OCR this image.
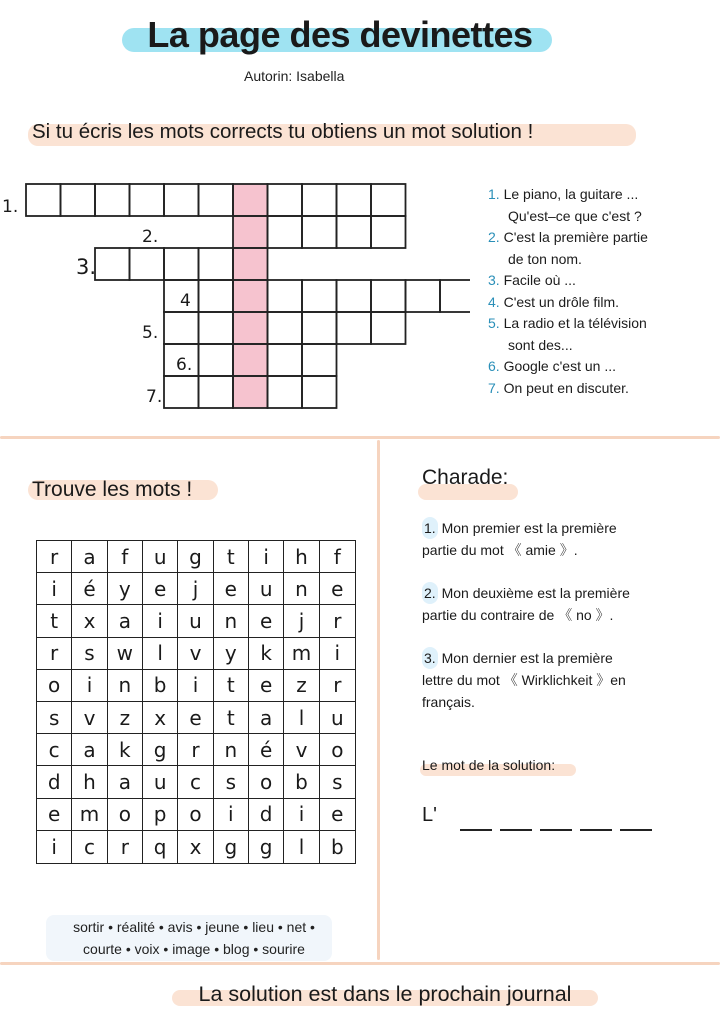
La page des devinettes
Autorin: Isabella
Si tu écris les mots corrects tu obtiens un mot solution !
1.
2.
3.
4
5.
6.
7.
1. Le piano, la guitare ...
Qu'est–ce que c'est ?
2. C'est la première partie
de ton nom.
3. Facile où ...
4. C'est un drôle film.
5. La radio et la télévision
sont des...
6. Google c'est un ...
7. On peut en discuter.
Trouve les mots !
r	a	f	u	g	t	i	h	f
i	é	y	e	j	e	u	n	e
t	x	a	i	u	n	e	j	r
r	s	w	l	v	y	k m	i
o	i	n	b	i	t	e	z	r
s	v	z	x	e	t	a	l	u
c	a	k	g	r	n	é	v	o
d	h	a	u	c	s	o	b	s
e m o	p	o	i	d	i	e
i	c	r	q	x	g	g	l	b
sortir • réalité • avis • jeune • lieu • net •
courte • voix • image • blog • sourire
Charade:
1. Mon premier est la première
partie du mot 《 amie 》.
2. Mon deuxième est la première
partie du contraire de 《 no 》.
3. Mon dernier est la première
lettre du mot 《 Wirklichkeit 》en
français.
Le mot de la solution:
L'
La solution est dans le prochain journal
